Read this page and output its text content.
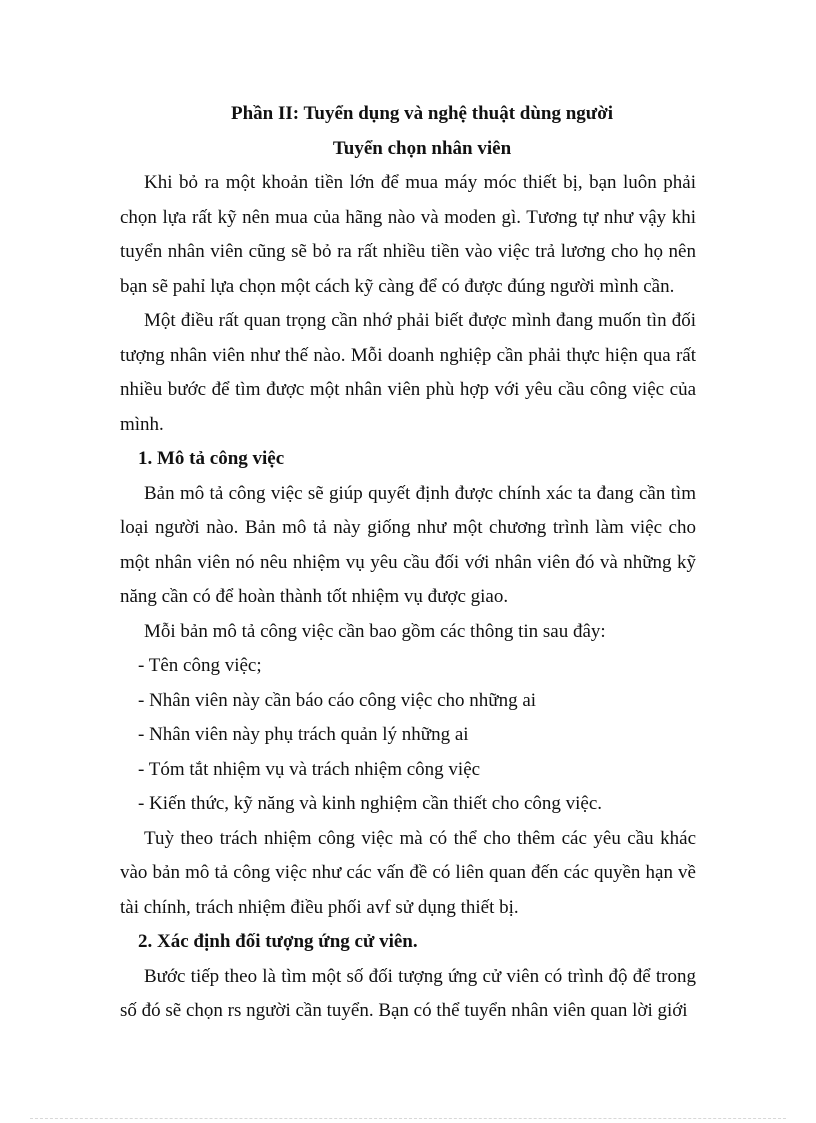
Phần II: Tuyển dụng và nghệ thuật dùng người

Tuyển chọn nhân viên

Khi bỏ ra một khoản tiền lớn để mua máy móc thiết bị, bạn luôn phải chọn lựa rất kỹ nên mua của hãng nào và moden gì. Tương tự như vậy khi tuyển nhân viên cũng sẽ bỏ ra rất nhiều tiền vào việc trả lương cho họ nên bạn sẽ pahỉ lựa chọn một cách kỹ càng để có được đúng người mình cần.

Một điều rất quan trọng cần nhớ phải biết được mình đang muốn tìn đối tượng nhân viên như thế nào. Mỗi doanh nghiệp cần phải thực hiện qua rất nhiều bước để tìm được một nhân viên phù hợp với yêu cầu công việc của mình.

1. Mô tả công việc

Bản mô tả công việc sẽ giúp quyết định được chính xác ta đang cần tìm loại người nào. Bản mô tả này giống như một chương trình làm việc cho một nhân viên nó nêu nhiệm vụ yêu cầu đối với nhân viên đó và những kỹ năng cần có để hoàn thành tốt nhiệm vụ được giao.

Mỗi bản mô tả công việc cần bao gồm các thông tin sau đây:

- Tên công việc;

- Nhân viên này cần báo cáo công việc cho những ai

- Nhân viên này phụ trách quản lý những ai

- Tóm tắt nhiệm vụ và trách nhiệm công việc

- Kiến thức, kỹ năng và kinh nghiệm cần thiết cho công việc.

Tuỳ theo trách nhiệm công việc mà có thể cho thêm các yêu cầu khác vào bản mô tả công việc như các vấn đề có liên quan đến các quyền hạn về tài chính, trách nhiệm điều phối avf sử dụng thiết bị.

2. Xác định đối tượng ứng cử viên.

Bước tiếp theo là tìm một số đối tượng ứng cử viên có trình độ để trong số đó sẽ chọn rs người cần tuyển. Bạn có thể tuyển nhân viên quan lời giới
